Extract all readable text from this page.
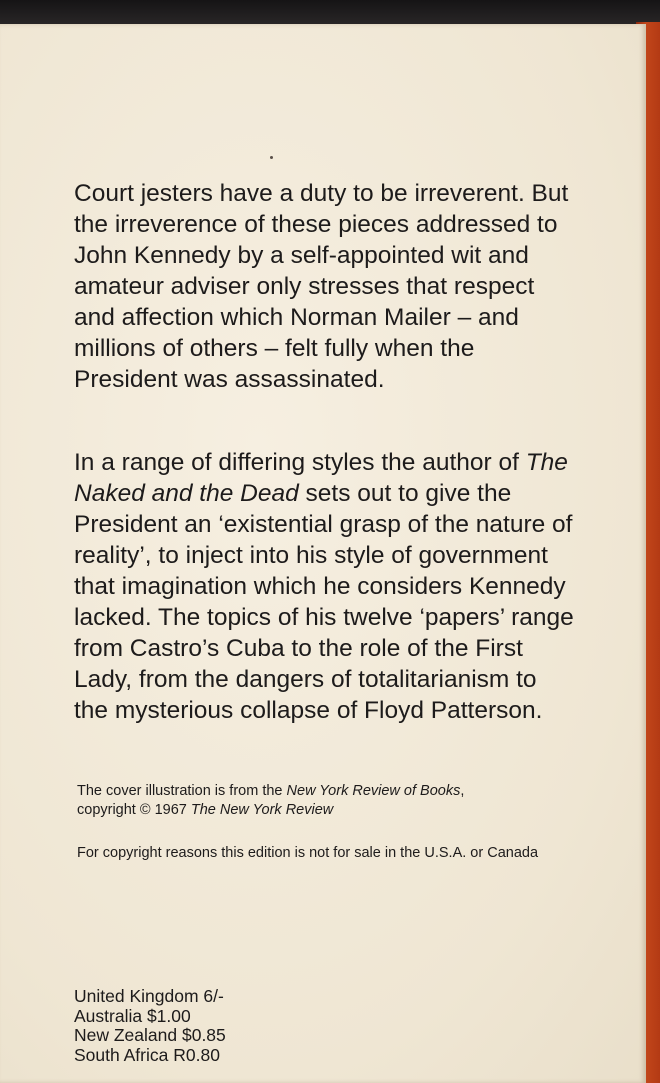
Court jesters have a duty to be irreverent. But the irreverence of these pieces addressed to John Kennedy by a self-appointed wit and amateur adviser only stresses that respect and affection which Norman Mailer – and millions of others – felt fully when the President was assassinated.

In a range of differing styles the author of The Naked and the Dead sets out to give the President an ‘existential grasp of the nature of reality’, to inject into his style of government that imagination which he considers Kennedy lacked. The topics of his twelve ‘papers’ range from Castro’s Cuba to the role of the First Lady, from the dangers of totalitarianism to the mysterious collapse of Floyd Patterson.

The cover illustration is from the New York Review of Books,
copyright © 1967 The New York Review

For copyright reasons this edition is not for sale in the U.S.A. or Canada

United Kingdom 6/-
Australia $1.00
New Zealand $0.85
South Africa R0.80
